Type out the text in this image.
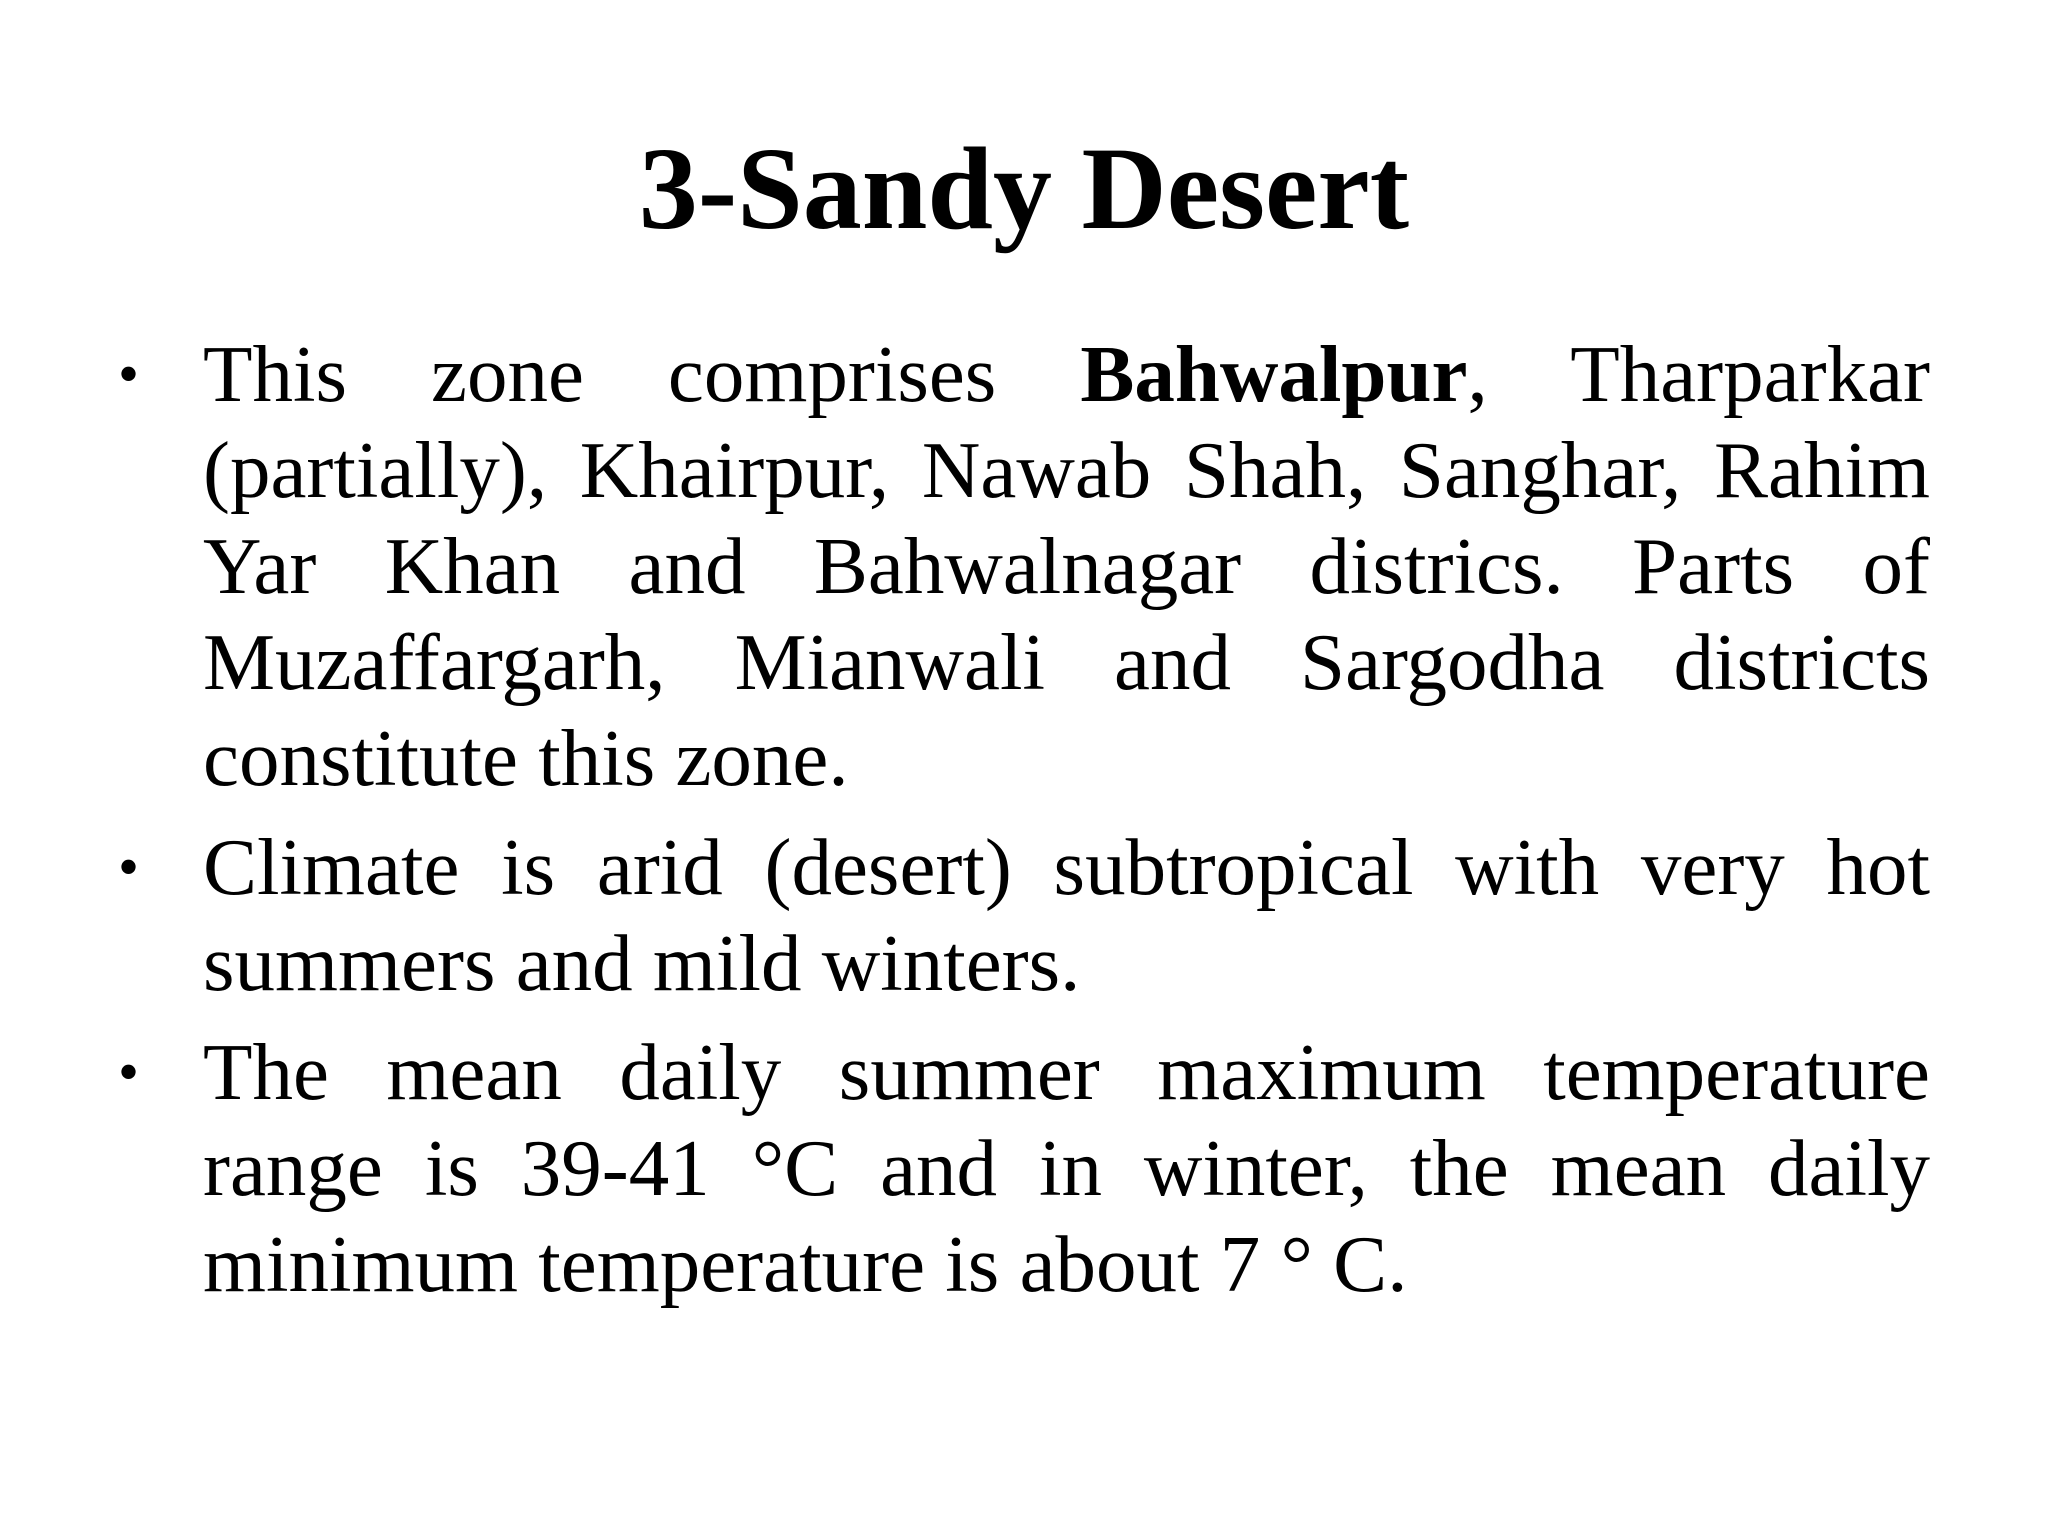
3-Sandy Desert
• This zone comprises Bahwalpur, Tharparkar (partially), Khairpur, Nawab Shah, Sanghar, Rahim Yar Khan and Bahwalnagar districs. Parts of Muzaffargarh, Mianwali and Sargodha districts constitute this zone.
• Climate is arid (desert) subtropical with very hot summers and mild winters.
• The mean daily summer maximum temperature range is 39-41 °C and in winter, the mean daily minimum temperature is about 7 ° C.
